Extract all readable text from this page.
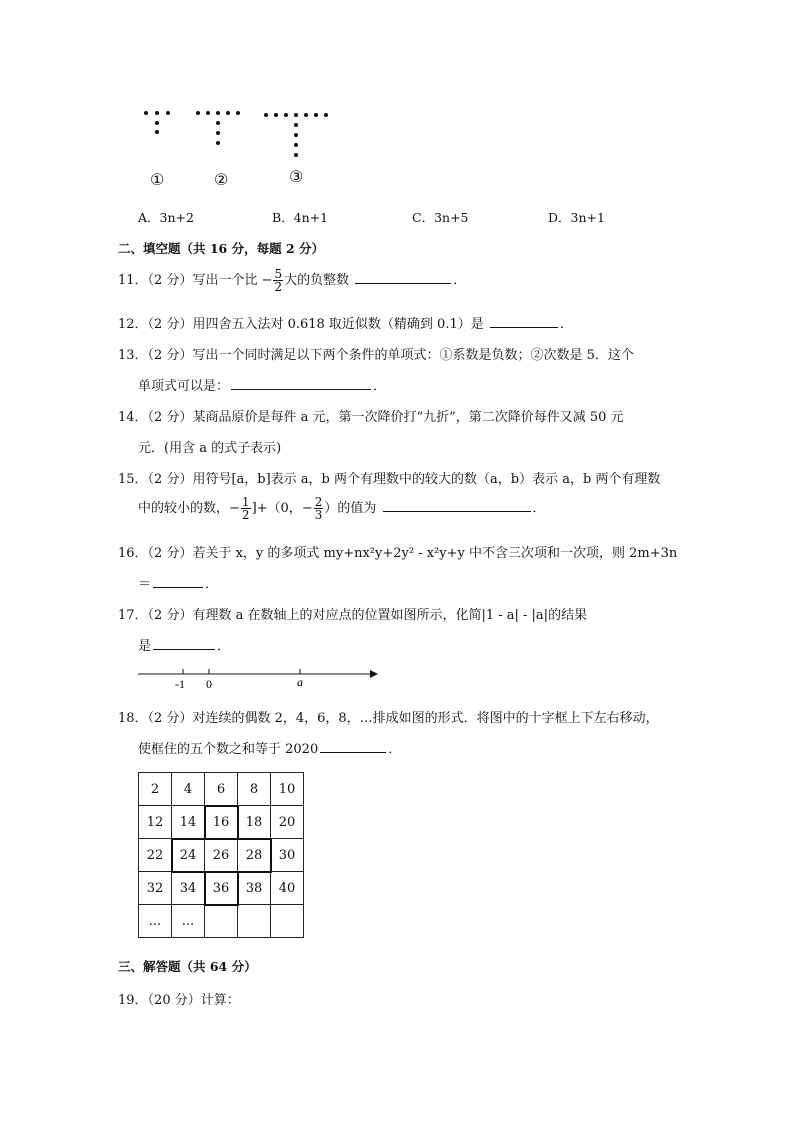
①	②	③
A．3n+2	B．4n+1	C．3n+5	D．3n+1
二、填空题（共 16 分，每题 2 分）
11．（2 分）写出一个比 − $\frac{5}{2}$ 大的负整数	．
12．（2 分）用四舍五入法对 0.618 取近似数（精确到 0.1）是	．
13．（2 分）写出一个同时满足以下两个条件的单项式：①系数是负数；②次数是 5．这个
单项式可以是：	．
14．（2 分）某商品原价是每件 a 元，第一次降价打“九折”，第二次降价每件又减 50 元
元．(用含 a 的式子表示)
15．（2 分）用符号[a，b]表示 a，b 两个有理数中的较大的数（a，b）表示 a，b 两个有理数
中的较小的数，− $\frac{1}{2} ]+(0$，− $\frac{2}{3}$ ）的值为	．
16．（2 分）若关于 x，y 的多项式 my+nx²y+2y² - x²y+y 中不含三次项和一次项，则 2m+3n
＝	．
17．（2 分）有理数 a 在数轴上的对应点的位置如图所示，化简|1 - a| - |a|的结果
是	．
-1 0	a
18．（2 分）对连续的偶数 2，4，6，8，…排成如图的形式．将图中的十字框上下左右移动，
使框住的五个数之和等于 2020	．
2	4	6	8	10
12	14	16	18	20
22	24	26	28	30
32	34	36	38	40
...	...			
三、解答题（共 64 分）
19．（20 分）计算：
